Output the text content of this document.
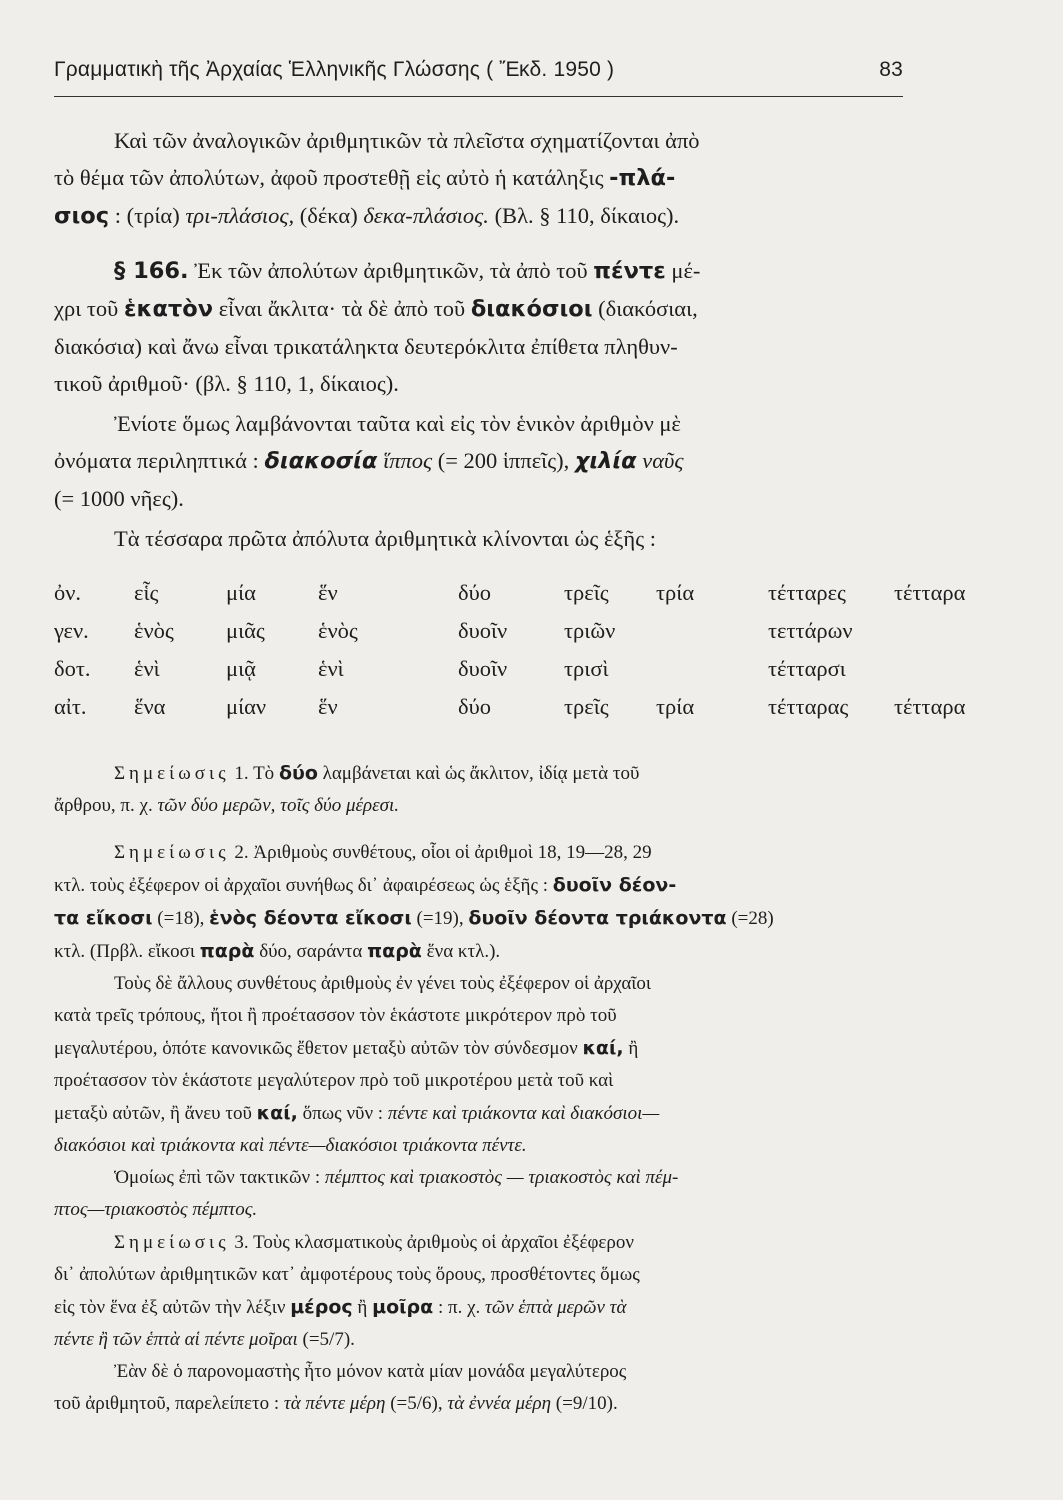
Γραμματικὴ τῆς Ἀρχαίας Ἑλληνικῆς Γλώσσης ( Ἔκδ. 1950 )	83
Καὶ τῶν ἀναλογικῶν ἀριθμητικῶν τὰ πλεῖστα σχηματίζονται ἀπὸ
τὸ θέμα τῶν ἀπολύτων, ἀφοῦ προστεθῇ εἰς αὐτὸ ἡ κατάληξις -πλά-
σιος : (τρία) τρι-πλάσιος, (δέκα) δεκα-πλάσιος. (Βλ. § 110, δίκαιος).
§ 166. Ἐκ τῶν ἀπολύτων ἀριθμητικῶν, τὰ ἀπὸ τοῦ πέντε μέ-
χρι τοῦ ἑκατὸν εἶναι ἄκλιτα· τὰ δὲ ἀπὸ τοῦ διακόσιοι (διακόσιαι,
διακόσια) καὶ ἄνω εἶναι τρικατάληκτα δευτερόκλιτα ἐπίθετα πληθυν-
τικοῦ ἀριθμοῦ· (βλ. § 110, 1, δίκαιος).
Ἐνίοτε ὅμως λαμβάνονται ταῦτα καὶ εἰς τὸν ἑνικὸν ἀριθμὸν μὲ
ὀνόματα περιληπτικά : διακοσία ἵππος (= 200 ἱππεῖς), χιλία ναῦς
(= 1000 νῆες).
Τὰ τέσσαρα πρῶτα ἀπόλυτα ἀριθμητικὰ κλίνονται ὡς ἑξῆς :
ὀν.	εἷς	μία	ἕν	δύο	τρεῖς	τρία	τέτταρες	τέτταρα
γεν.	ἑνὸς	μιᾶς	ἑνὸς	δυοῖν	τριῶν		τεττάρων	
δοτ.	ἑνὶ	μιᾷ	ἑνὶ	δυοῖν	τρισὶ		τέτταρσι	
αἰτ.	ἕνα	μίαν	ἕν	δύο	τρεῖς	τρία	τέτταρας	τέτταρα
Σημείωσις 1. Τὸ δύο λαμβάνεται καὶ ὡς ἄκλιτον, ἰδίᾳ μετὰ τοῦ
ἄρθρου, π. χ. τῶν δύο μερῶν, τοῖς δύο μέρεσι.
Σημείωσις 2. Ἀριθμοὺς συνθέτους, οἷοι οἱ ἀριθμοὶ 18, 19—28, 29
κτλ. τοὺς ἐξέφερον οἱ ἀρχαῖοι συνήθως δι᾽ ἀφαιρέσεως ὡς ἑξῆς : δυοῖν δέον-
τα εἴκοσι (=18), ἑνὸς δέοντα εἴκοσι (=19), δυοῖν δέοντα τριάκοντα (=28)
κτλ. (Πρβλ. εἴκοσι παρὰ δύο, σαράντα παρὰ ἕνα κτλ.).
Τοὺς δὲ ἄλλους συνθέτους ἀριθμοὺς ἐν γένει τοὺς ἐξέφερον οἱ ἀρχαῖοι
κατὰ τρεῖς τρόπους, ἤτοι ἢ προέτασσον τὸν ἑκάστοτε μικρότερον πρὸ τοῦ
μεγαλυτέρου, ὁπότε κανονικῶς ἔθετον μεταξὺ αὐτῶν τὸν σύνδεσμον καί, ἢ
προέτασσον τὸν ἑκάστοτε μεγαλύτερον πρὸ τοῦ μικροτέρου μετὰ τοῦ καὶ
μεταξὺ αὐτῶν, ἢ ἄνευ τοῦ καί, ὅπως νῦν : πέντε καὶ τριάκοντα καὶ διακόσιοι—
διακόσιοι καὶ τριάκοντα καὶ πέντε—διακόσιοι τριάκοντα πέντε.
Ὁμοίως ἐπὶ τῶν τακτικῶν : πέμπτος καὶ τριακοστὸς — τριακοστὸς καὶ πέμ-
πτος—τριακοστὸς πέμπτος.
Σημείωσις 3. Τοὺς κλασματικοὺς ἀριθμοὺς οἱ ἀρχαῖοι ἐξέφερον
δι᾽ ἀπολύτων ἀριθμητικῶν κατ᾽ ἀμφοτέρους τοὺς ὅρους, προσθέτοντες ὅμως
εἰς τὸν ἕνα ἐξ αὐτῶν τὴν λέξιν μέρος ἢ μοῖρα : π. χ. τῶν ἑπτὰ μερῶν τὰ
πέντε ἢ τῶν ἑπτὰ αἱ πέντε μοῖραι (=5/7).
Ἐὰν δὲ ὁ παρονομαστὴς ἦτο μόνον κατὰ μίαν μονάδα μεγαλύτερος
τοῦ ἀριθμητοῦ, παρελείπετο : τὰ πέντε μέρη (=5/6), τὰ ἐννέα μέρη (=9/10).
